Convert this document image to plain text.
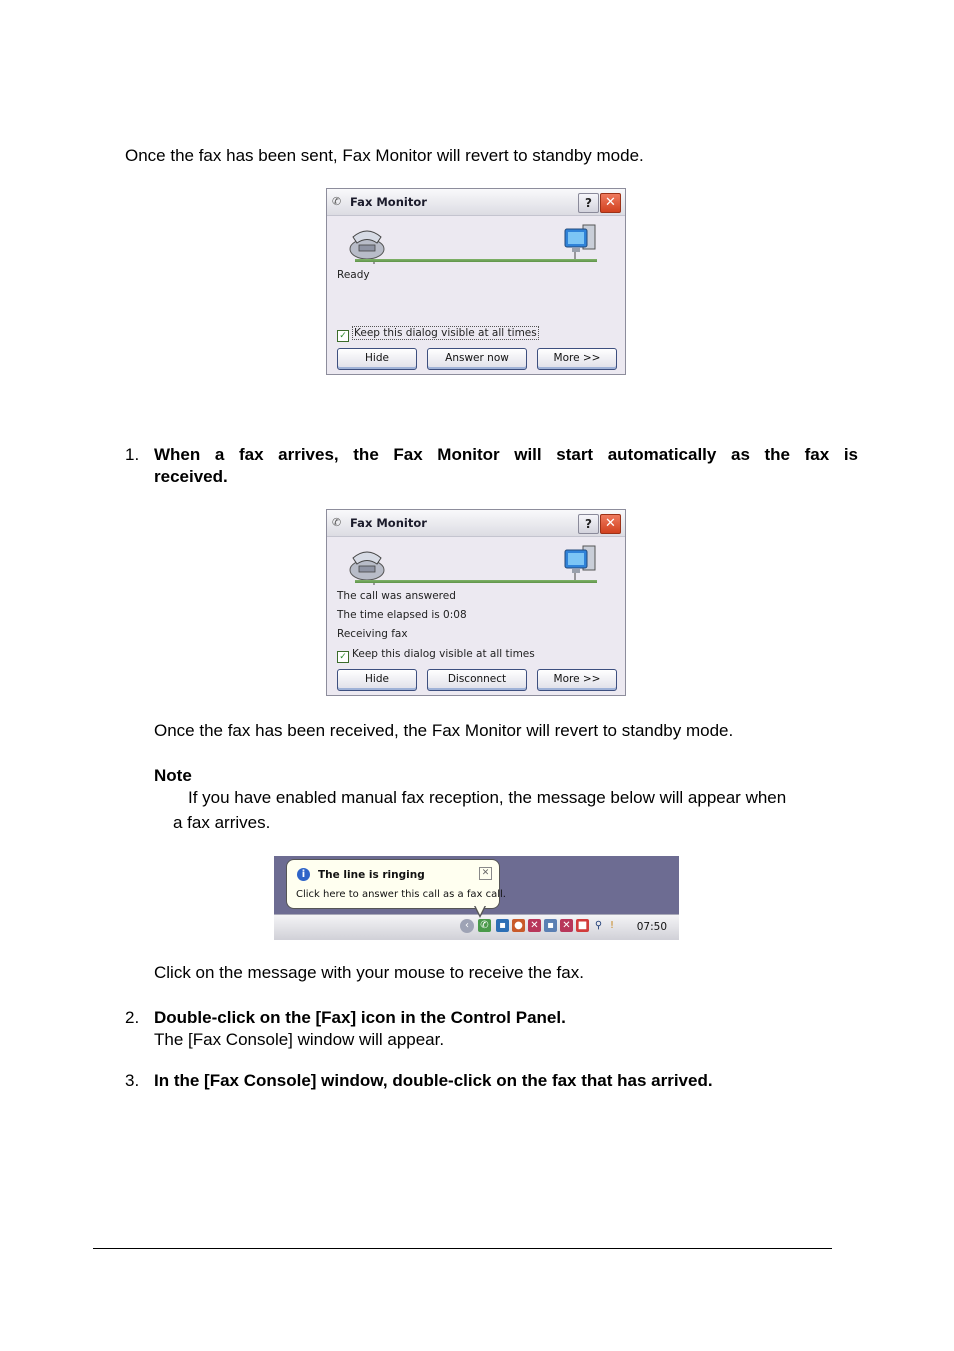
Once the fax has been sent, Fax Monitor will revert to standby mode.
✆ Fax Monitor	?	✕
Ready
✓ Keep this dialog visible at all times
Hide	Answer now	More >>
1. When a fax arrives, the Fax Monitor will start automatically as the fax is
received.
✆ Fax Monitor	?	✕
The call was answered
The time elapsed is 0:08
Receiving fax
✓ Keep this dialog visible at all times
Hide	Disconnect	More >>
Once the fax has been received, the Fax Monitor will revert to standby mode.
Note
If you have enabled manual fax reception, the message below will appear when
a fax arrives.
i	The line is ringing
Click here to answer this call as a fax call.
✕
‹	✆	▪ ● ✕ ▪ ✕ ■ ⚲ ! 07:50
Click on the message with your mouse to receive the fax.
2. Double-click on the [Fax] icon in the Control Panel.
The [Fax Console] window will appear.
3. In the [Fax Console] window, double-click on the fax that has arrived.
